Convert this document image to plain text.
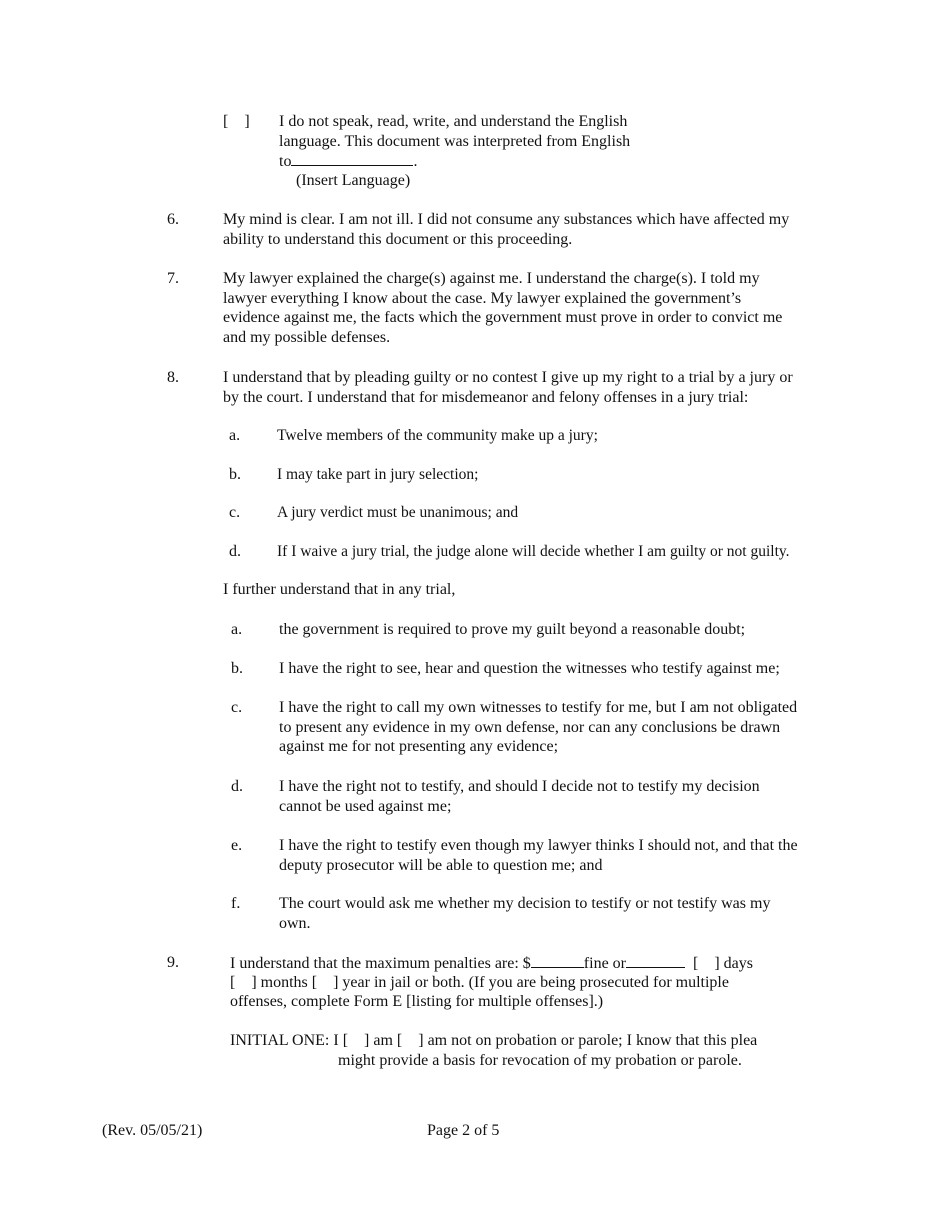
[    ] I do not speak, read, write, and understand the English

language. This document was interpreted from English

to	.

(Insert Language)

6.	My mind is clear. I am not ill. I did not consume any substances which have affected my

ability to understand this document or this proceeding.

7.	My lawyer explained the charge(s) against me. I understand the charge(s). I told my

lawyer everything I know about the case. My lawyer explained the government’s

evidence against me, the facts which the government must prove in order to convict me

and my possible defenses.

8.	I understand that by pleading guilty or no contest I give up my right to a trial by a jury or

by the court. I understand that for misdemeanor and felony offenses in a jury trial:

a. Twelve members of the community make up a jury;

b. I may take part in jury selection;

c. A jury verdict must be unanimous; and

d. If I waive a jury trial, the judge alone will decide whether I am guilty or not guilty.

I further understand that in any trial,

a. the government is required to prove my guilt beyond a reasonable doubt;

b. I have the right to see, hear and question the witnesses who testify against me;

c. I have the right to call my own witnesses to testify for me, but I am not obligated

to present any evidence in my own defense, nor can any conclusions be drawn

against me for not presenting any evidence;

d. I have the right not to testify, and should I decide not to testify my decision

cannot be used against me;

e. I have the right to testify even though my lawyer thinks I should not, and that the

deputy prosecutor will be able to question me; and

f. The court would ask me whether my decision to testify or not testify was my

own.

9.	I understand that the maximum penalties are: $	fine or	[    ] days

[    ] months [    ] year in jail or both. (If you are being prosecuted for multiple

offenses, complete Form E [listing for multiple offenses].)

INITIAL ONE: I [    ] am [    ] am not on probation or parole; I know that this plea

might provide a basis for revocation of my probation or parole.

(Rev. 05/05/21)	Page 2 of 5
